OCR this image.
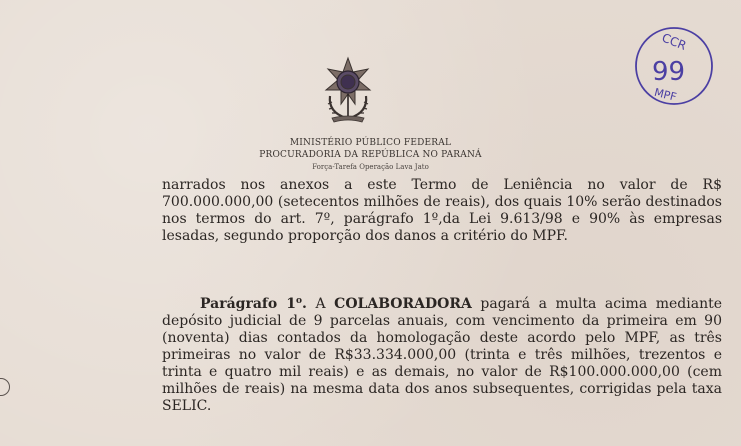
MINISTÉRIO PÚBLICO FEDERAL
PROCURADORIA DA REPÚBLICA NO PARANÁ
Força-Tarefa Operação Lava Jato
CCR
99
MPF
narrados nos anexos a este Termo de Leniência no valor de R$ 700.000.000,00 (setecentos milhões de reais), dos quais 10% serão destinados nos termos do art. 7º, parágrafo 1º,da Lei 9.613/98 e 90% às empresas lesadas, segundo proporção dos danos a critério do MPF.
Parágrafo 1$^o$. A COLABORADORA pagará a multa acima mediante depósito judicial de 9 parcelas anuais, com vencimento da primeira em 90 (noventa) dias contados da homologação deste acordo pelo MPF, as três primeiras no valor de R$33.334.000,00 (trinta e três milhões, trezentos e trinta e quatro mil reais) e as demais, no valor de R$100.000.000,00 (cem milhões de reais) na mesma data dos anos subsequentes, corrigidas pela taxa SELIC.
